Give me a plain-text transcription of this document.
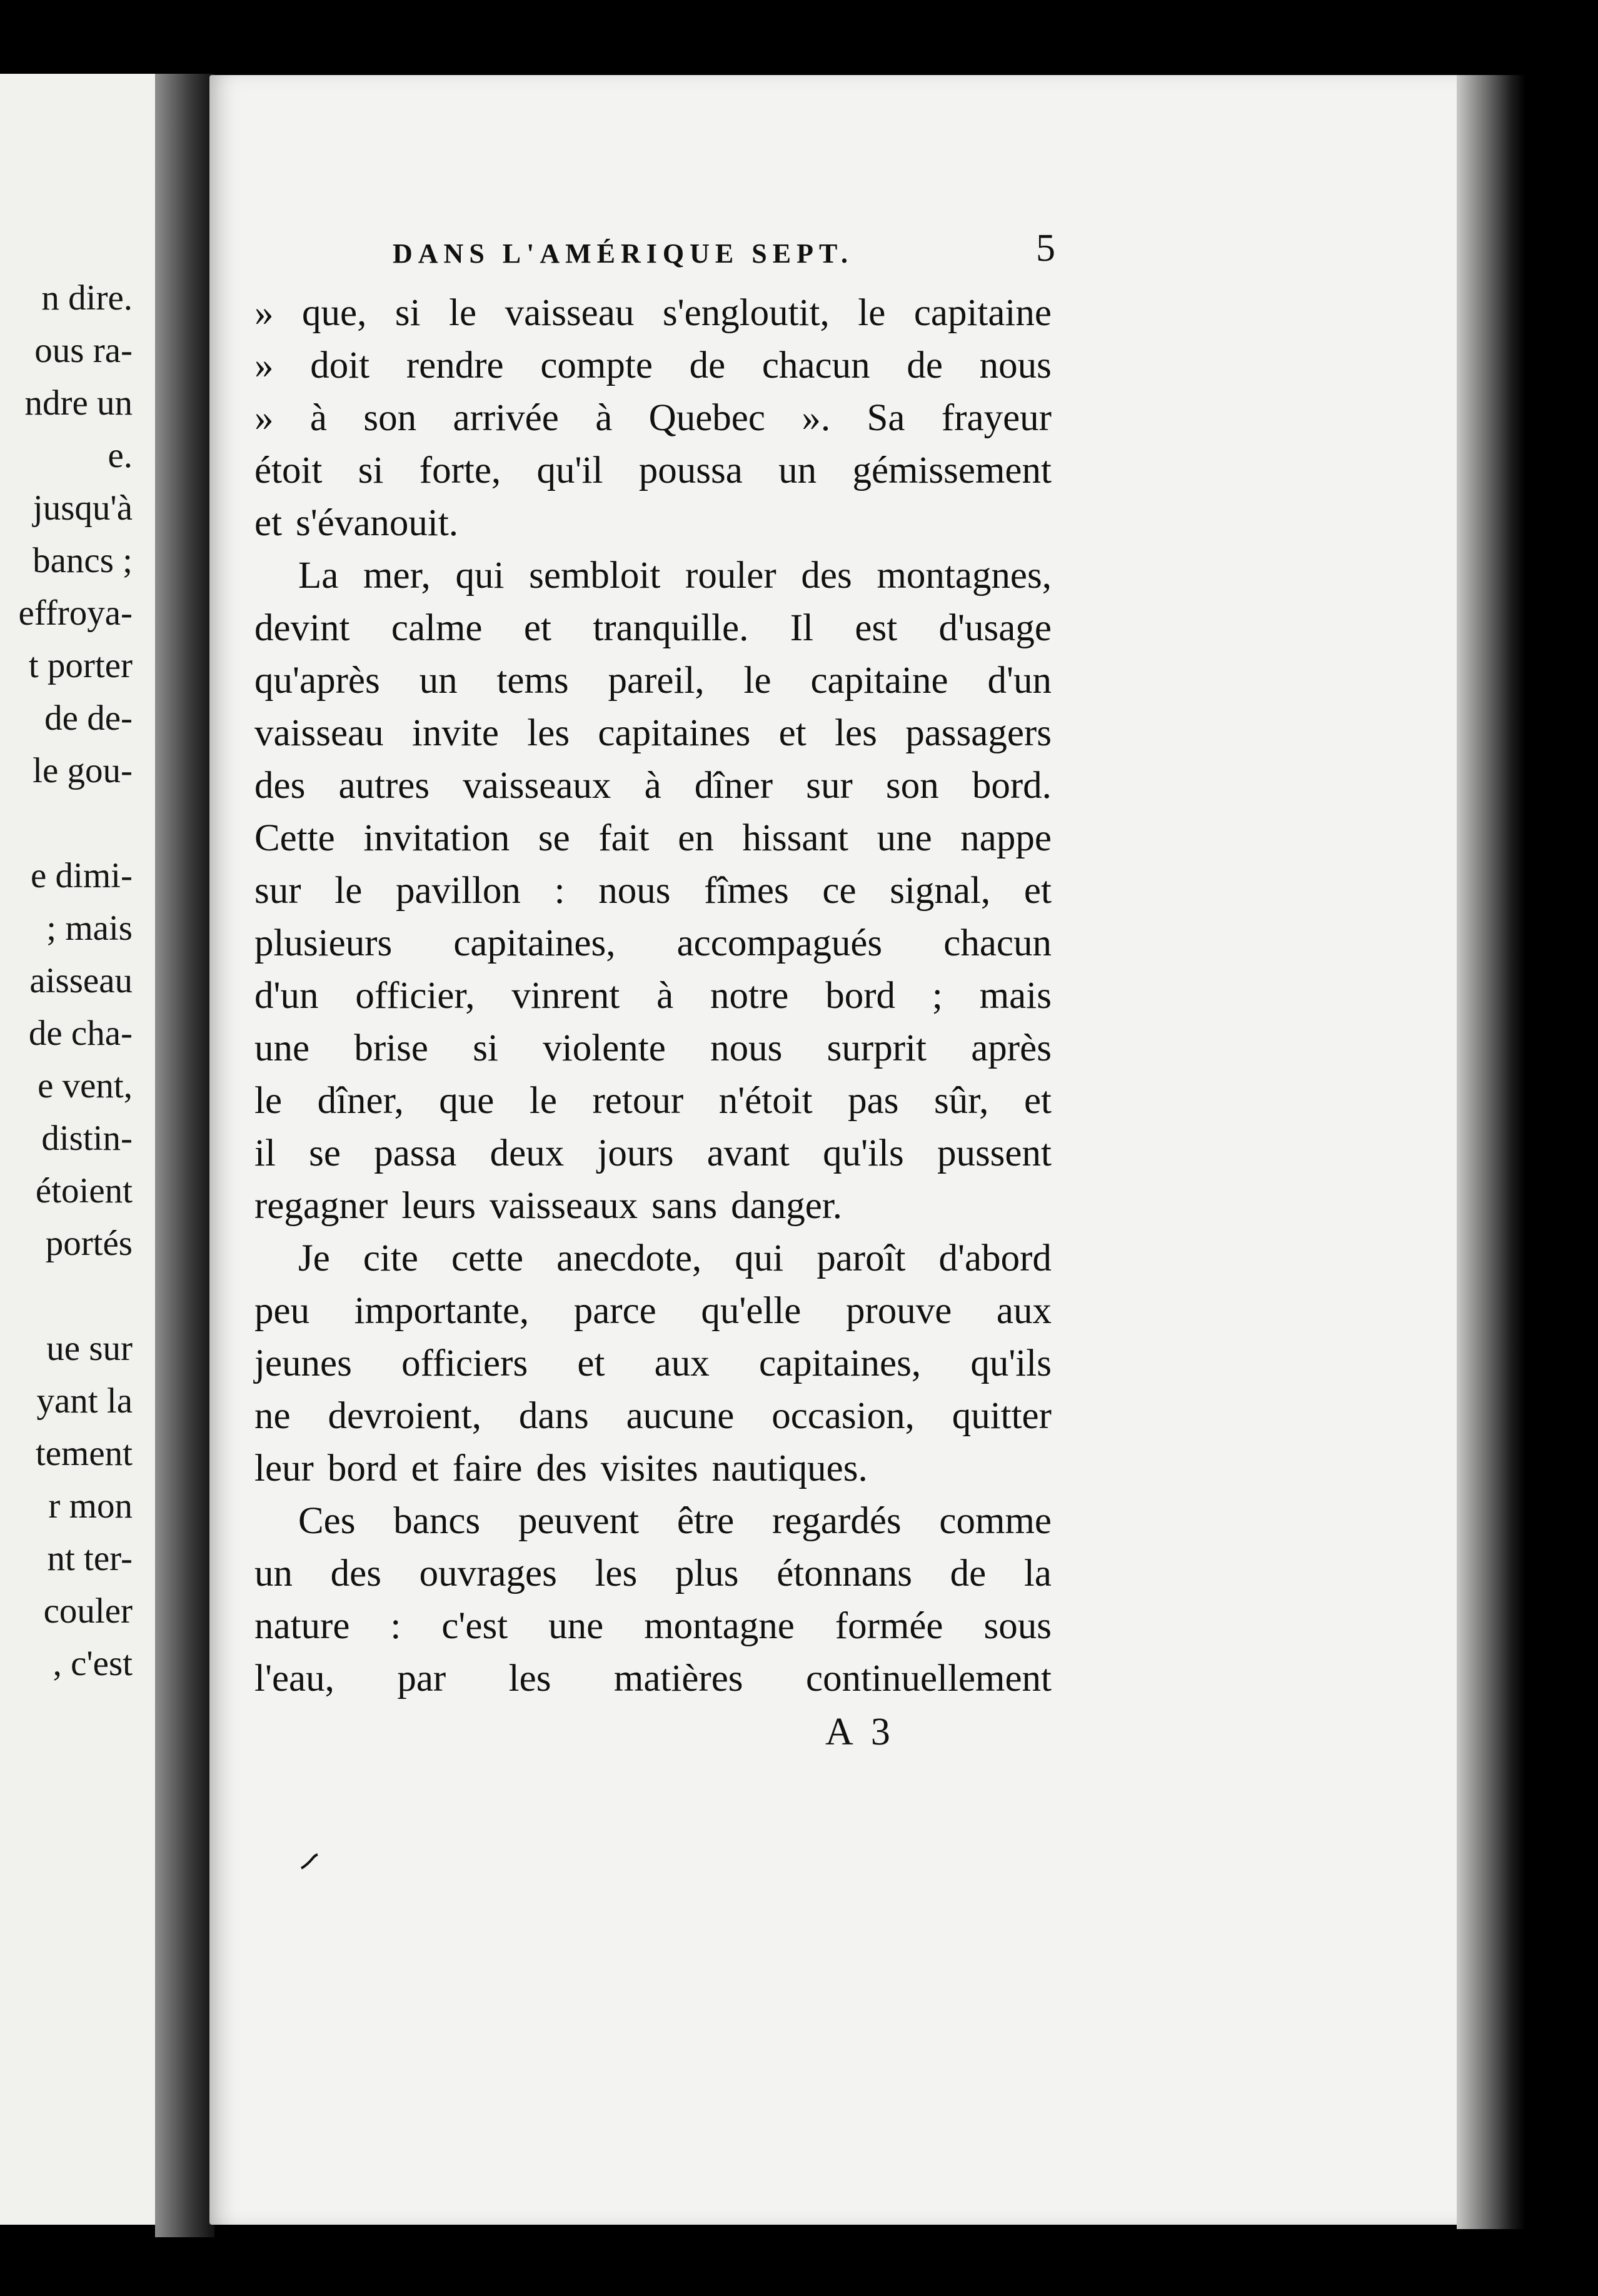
n dire.
ous ra-
ndre un
e.
jusqu'à
bancs ;
effroya-
t porter
de de-
le gou-
e dimi-
; mais
aisseau
de cha-
e vent,
distin-
étoient
portés
ue sur
yant la
tement
r mon
nt ter-
couler
, c'est
DANS L'AMÉRIQUE SEPT.	5
» que, si le vaisseau s'engloutit, le capitaine
» doit rendre compte de chacun de nous
» à son arrivée à Quebec ». Sa frayeur
étoit si forte, qu'il poussa un gémissement
et s'évanouit.
La mer, qui sembloit rouler des montagnes,
devint calme et tranquille. Il est d'usage
qu'après un tems pareil, le capitaine d'un
vaisseau invite les capitaines et les passagers
des autres vaisseaux à dîner sur son bord.
Cette invitation se fait en hissant une nappe
sur le pavillon : nous fîmes ce signal, et
plusieurs capitaines, accompagués chacun
d'un officier, vinrent à notre bord ; mais
une brise si violente nous surprit après
le dîner, que le retour n'étoit pas sûr, et
il se passa deux jours avant qu'ils pussent
regagner leurs vaisseaux sans danger.
Je cite cette anecdote, qui paroît d'abord
peu importante, parce qu'elle prouve aux
jeunes officiers et aux capitaines, qu'ils
ne devroient, dans aucune occasion, quitter
leur bord et faire des visites nautiques.
Ces bancs peuvent être regardés comme
un des ouvrages les plus étonnans de la
nature : c'est une montagne formée sous
l'eau, par les matières continuellement
A 3
